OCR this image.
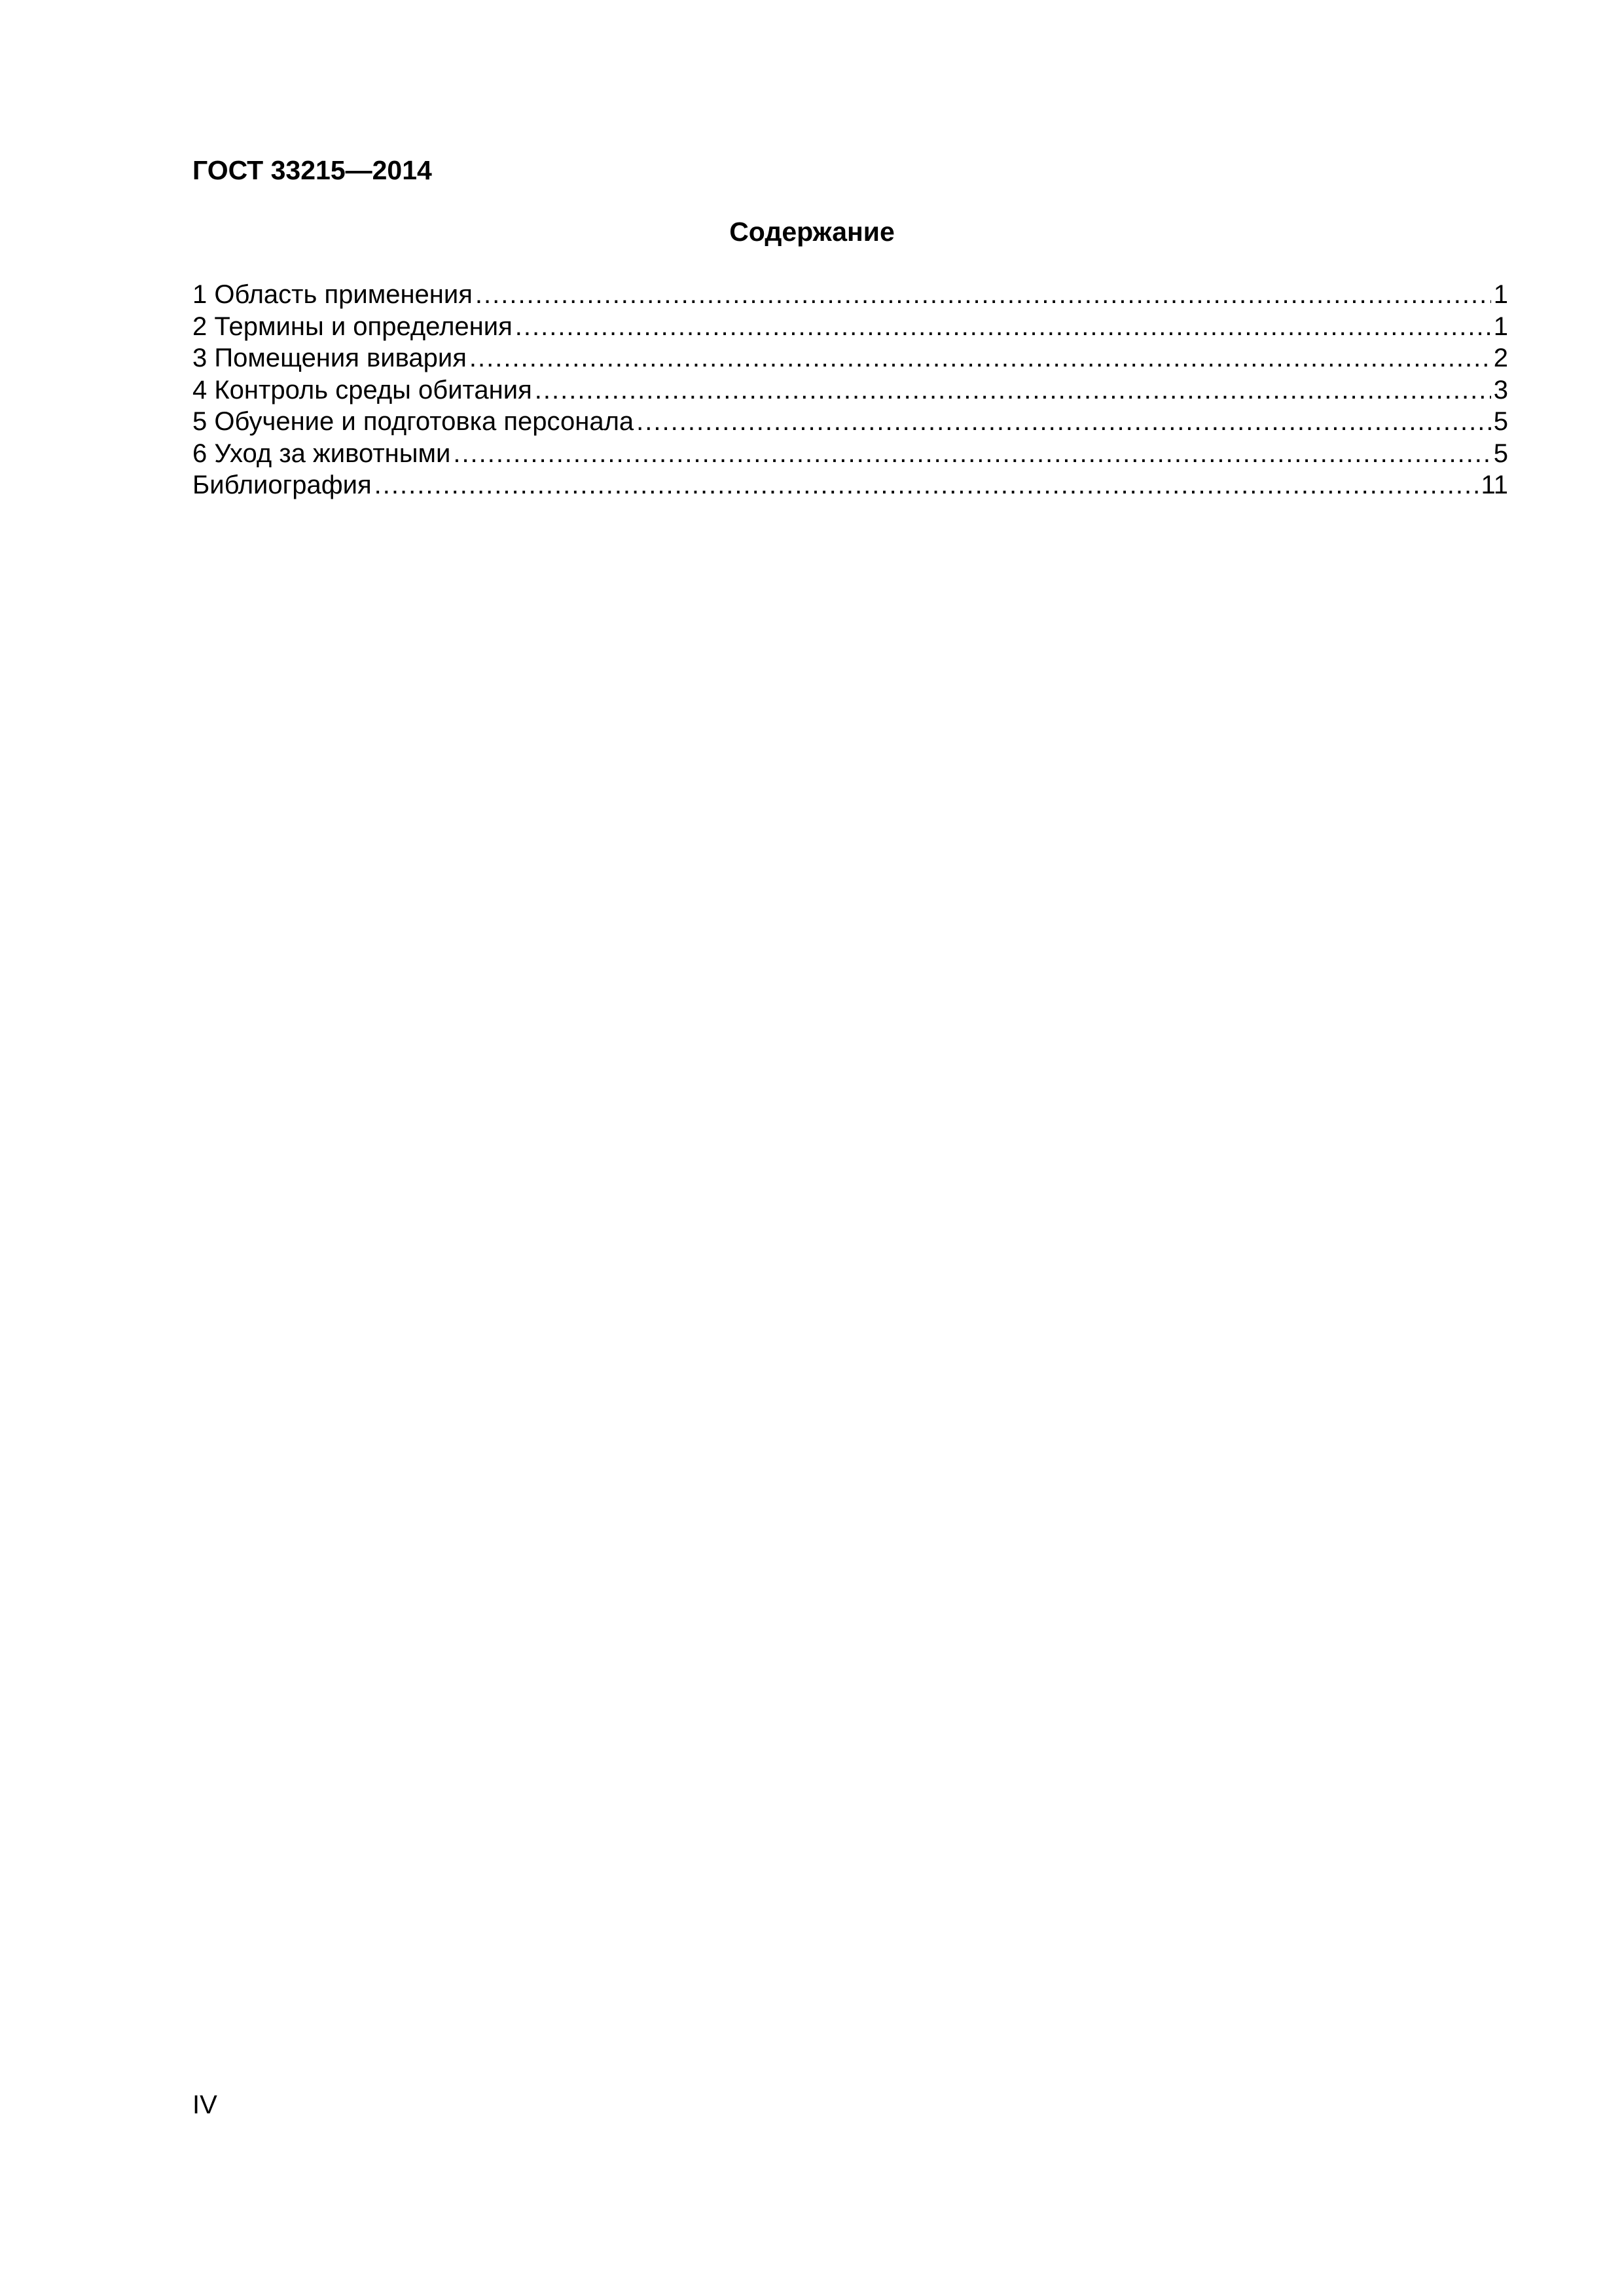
ГОСТ 33215—2014

Содержание
1 Область применения .....	1
2 Термины и определения .....	1
3 Помещения вивария .....	2
4 Контроль среды обитания .....	3
5 Обучение и подготовка персонала .....	5
6 Уход за животными .....	5
Библиография .....	11

IV
